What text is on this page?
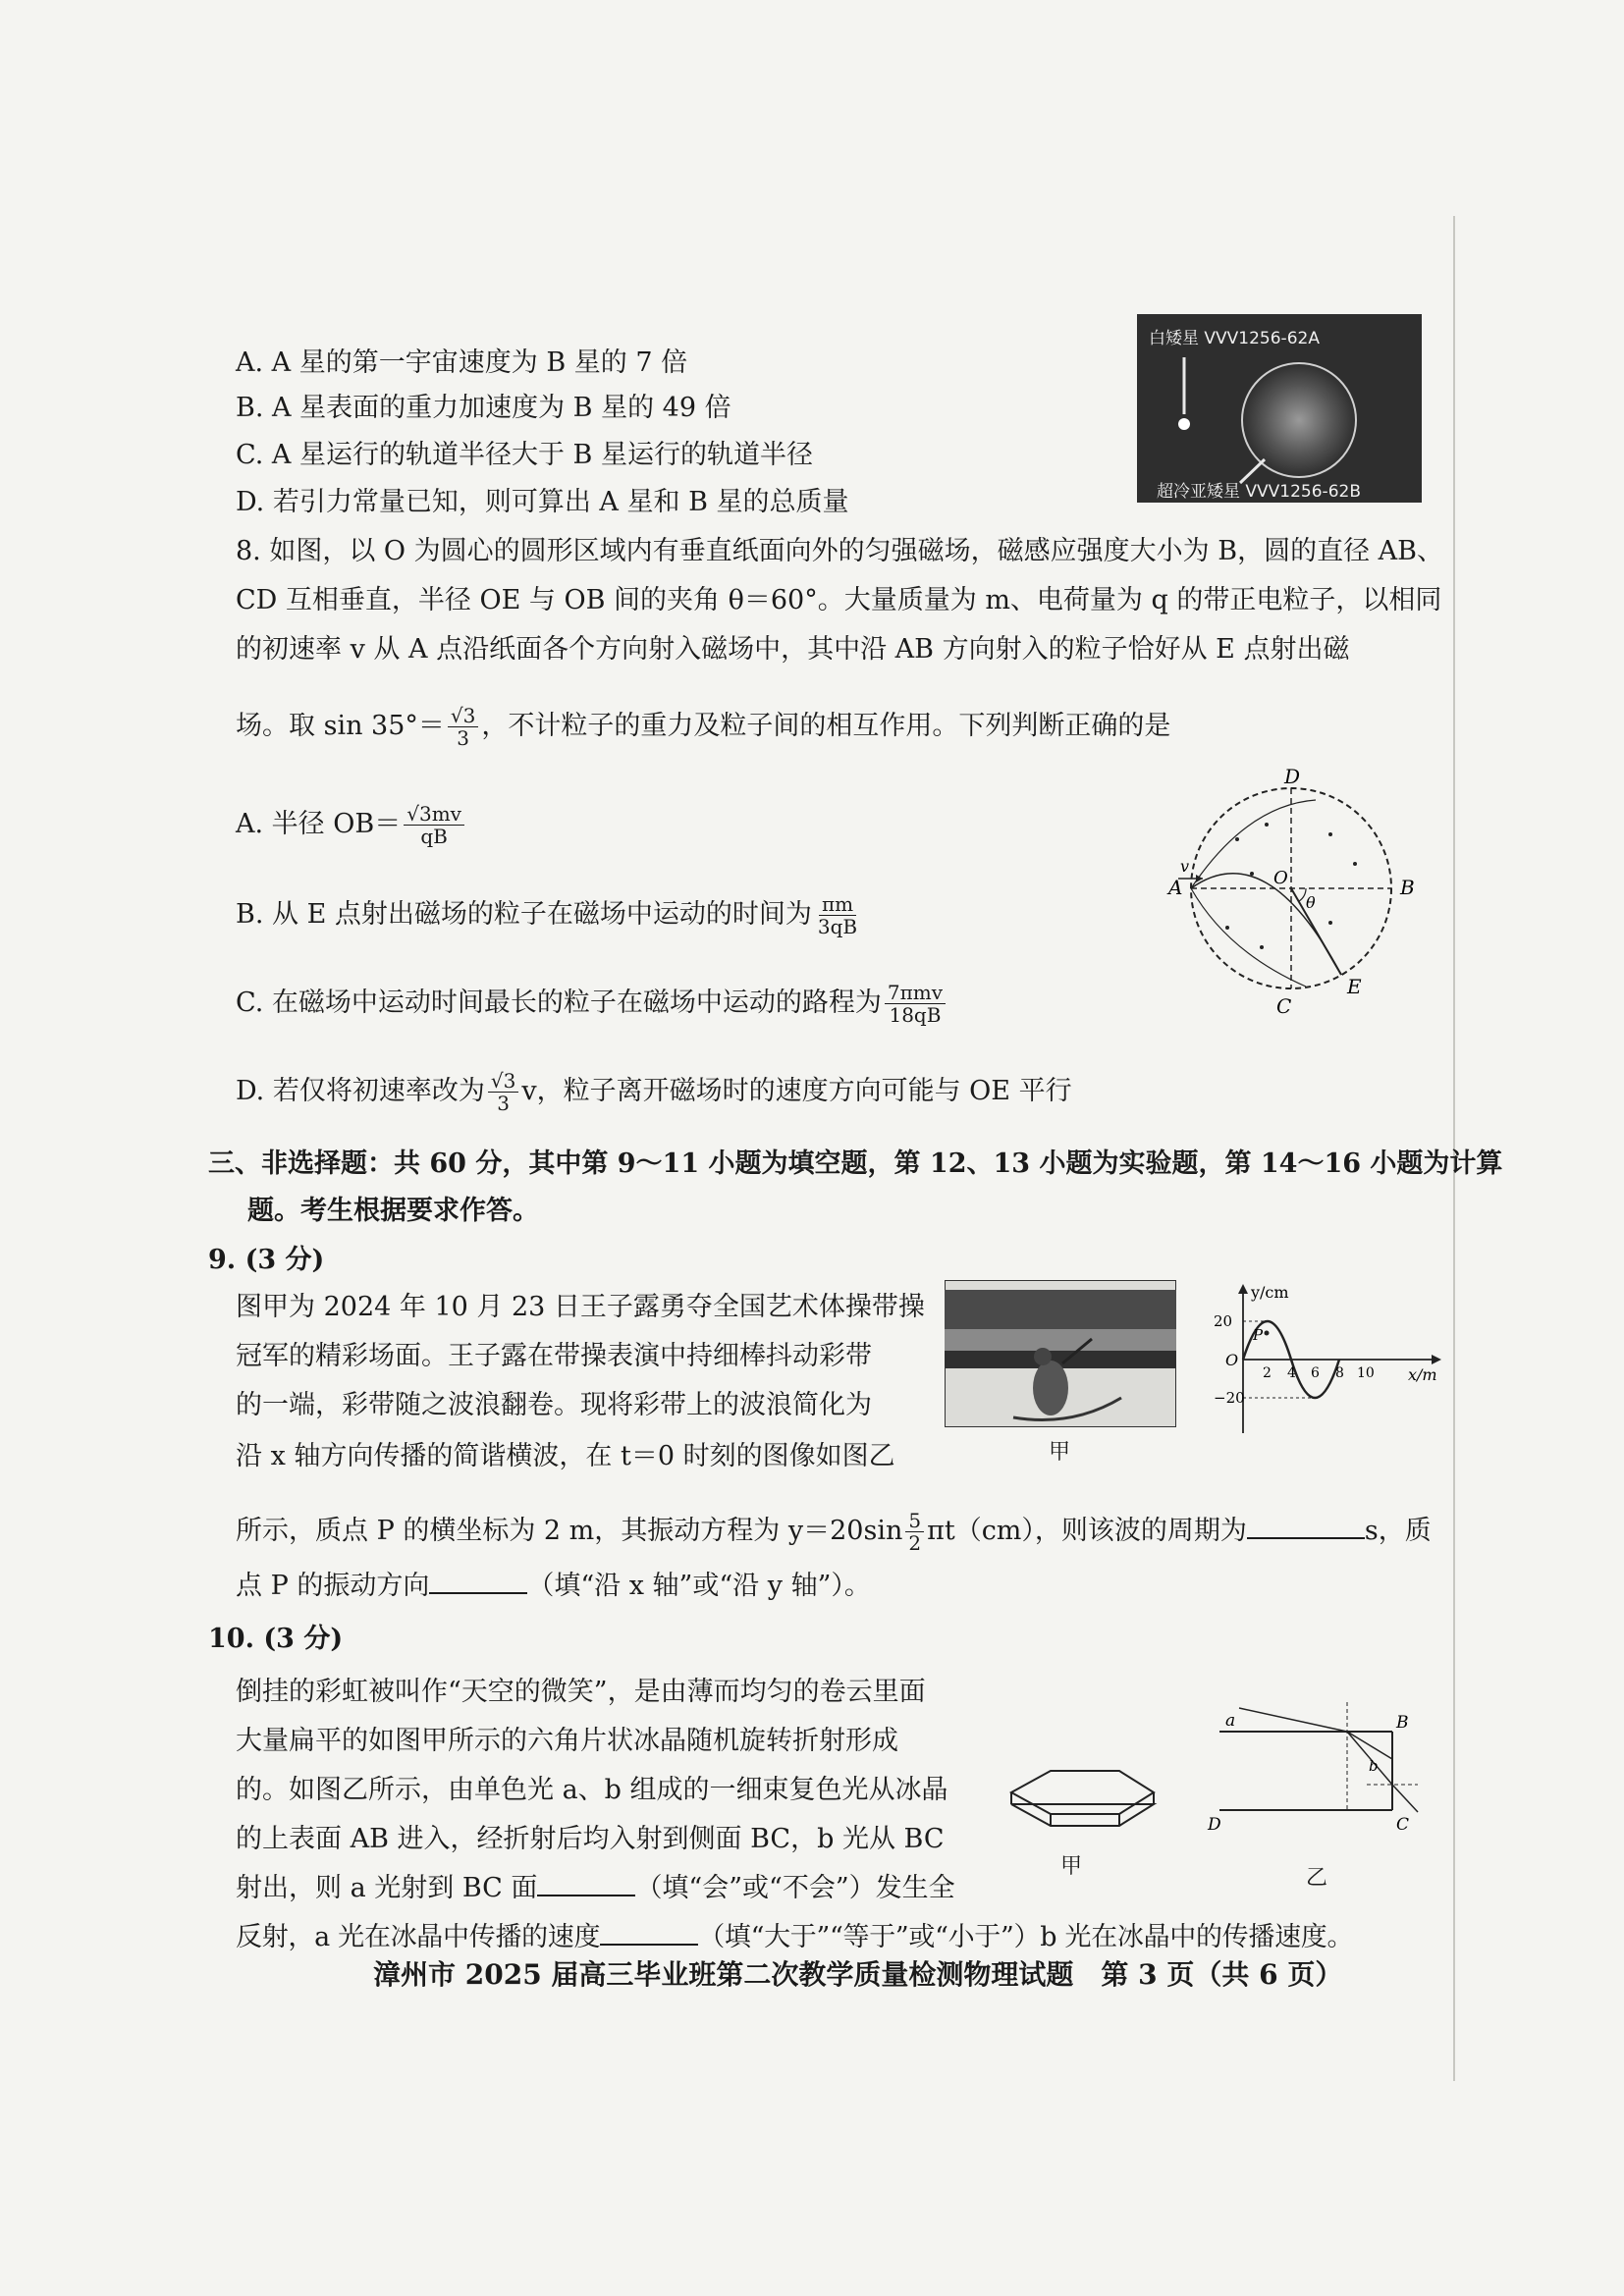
A. A 星的第一宇宙速度为 B 星的 7 倍
B. A 星表面的重力加速度为 B 星的 49 倍
C. A 星运行的轨道半径大于 B 星运行的轨道半径
D. 若引力常量已知，则可算出 A 星和 B 星的总质量
白矮星 VVV1256-62A
超冷亚矮星 VVV1256-62B
8. 如图，以 O 为圆心的圆形区域内有垂直纸面向外的匀强磁场，磁感应强度大小为 B，圆的直径 AB、
CD 互相垂直，半径 OE 与 OB 间的夹角 θ＝60°。大量质量为 m、电荷量为 q 的带正电粒子，以相同
的初速率 v 从 A 点沿纸面各个方向射入磁场中，其中沿 AB 方向射入的粒子恰好从 E 点射出磁
场。取 $\sin 35^\circ= \frac{√3}{3}$ ，不计粒子的重力及粒子间的相互作用。下列判断正确的是
A. 半径 $OB= \frac{√3mv}{qB}$
B. 从 E 点射出磁场的粒子在磁场中运动的时间为 $\frac{\pi m}{3qB}$
C. 在磁场中运动时间最长的粒子在磁场中运动的路程为 $\frac{\text{7πmv}}{18qB}$
D. 若仅将初速率改为 $\frac{√3}{3}$ v，粒子离开磁场时的速度方向可能与 OE 平行
D
A	B
C
E
O
θ
v
三、非选择题：共 60 分，其中第 9～11 小题为填空题，第 12、13 小题为实验题，第 14～16 小题为计算
题。考生根据要求作答。
9. (3 分)
图甲为 2024 年 10 月 23 日王子露勇夺全国艺术体操带操
冠军的精彩场面。王子露在带操表演中持细棒抖动彩带
的一端，彩带随之波浪翻卷。现将彩带上的波浪简化为
沿 x 轴方向传播的简谐横波，在 t＝0 时刻的图像如图乙
所示，质点 P 的横坐标为 2 m，其振动方程为 $y=20\sin \frac{5}{2} \pi t(cm)$，则该波的周期为	s，质
点 P 的振动方向	（填“沿 x 轴”或“沿 y 轴”）。
甲
y/cm
x/m
O
P
20
−20
2 4 6 8 10
10. (3 分)
倒挂的彩虹被叫作“天空的微笑”，是由薄而均匀的卷云里面
大量扁平的如图甲所示的六角片状冰晶随机旋转折射形成
的。如图乙所示，由单色光 a、b 组成的一细束复色光从冰晶
的上表面 AB 进入，经折射后均入射到侧面 BC，b 光从 BC
射出，则 a 光射到 BC 面	（填“会”或“不会”）发生全
反射，a 光在冰晶中传播的速度	（填“大于”“等于”或“小于”）b 光在冰晶中的传播速度。
甲
a
b
B
C
D
乙
漳州市 2025 届高三毕业班第二次教学质量检测物理试题　第 3 页（共 6 页）
